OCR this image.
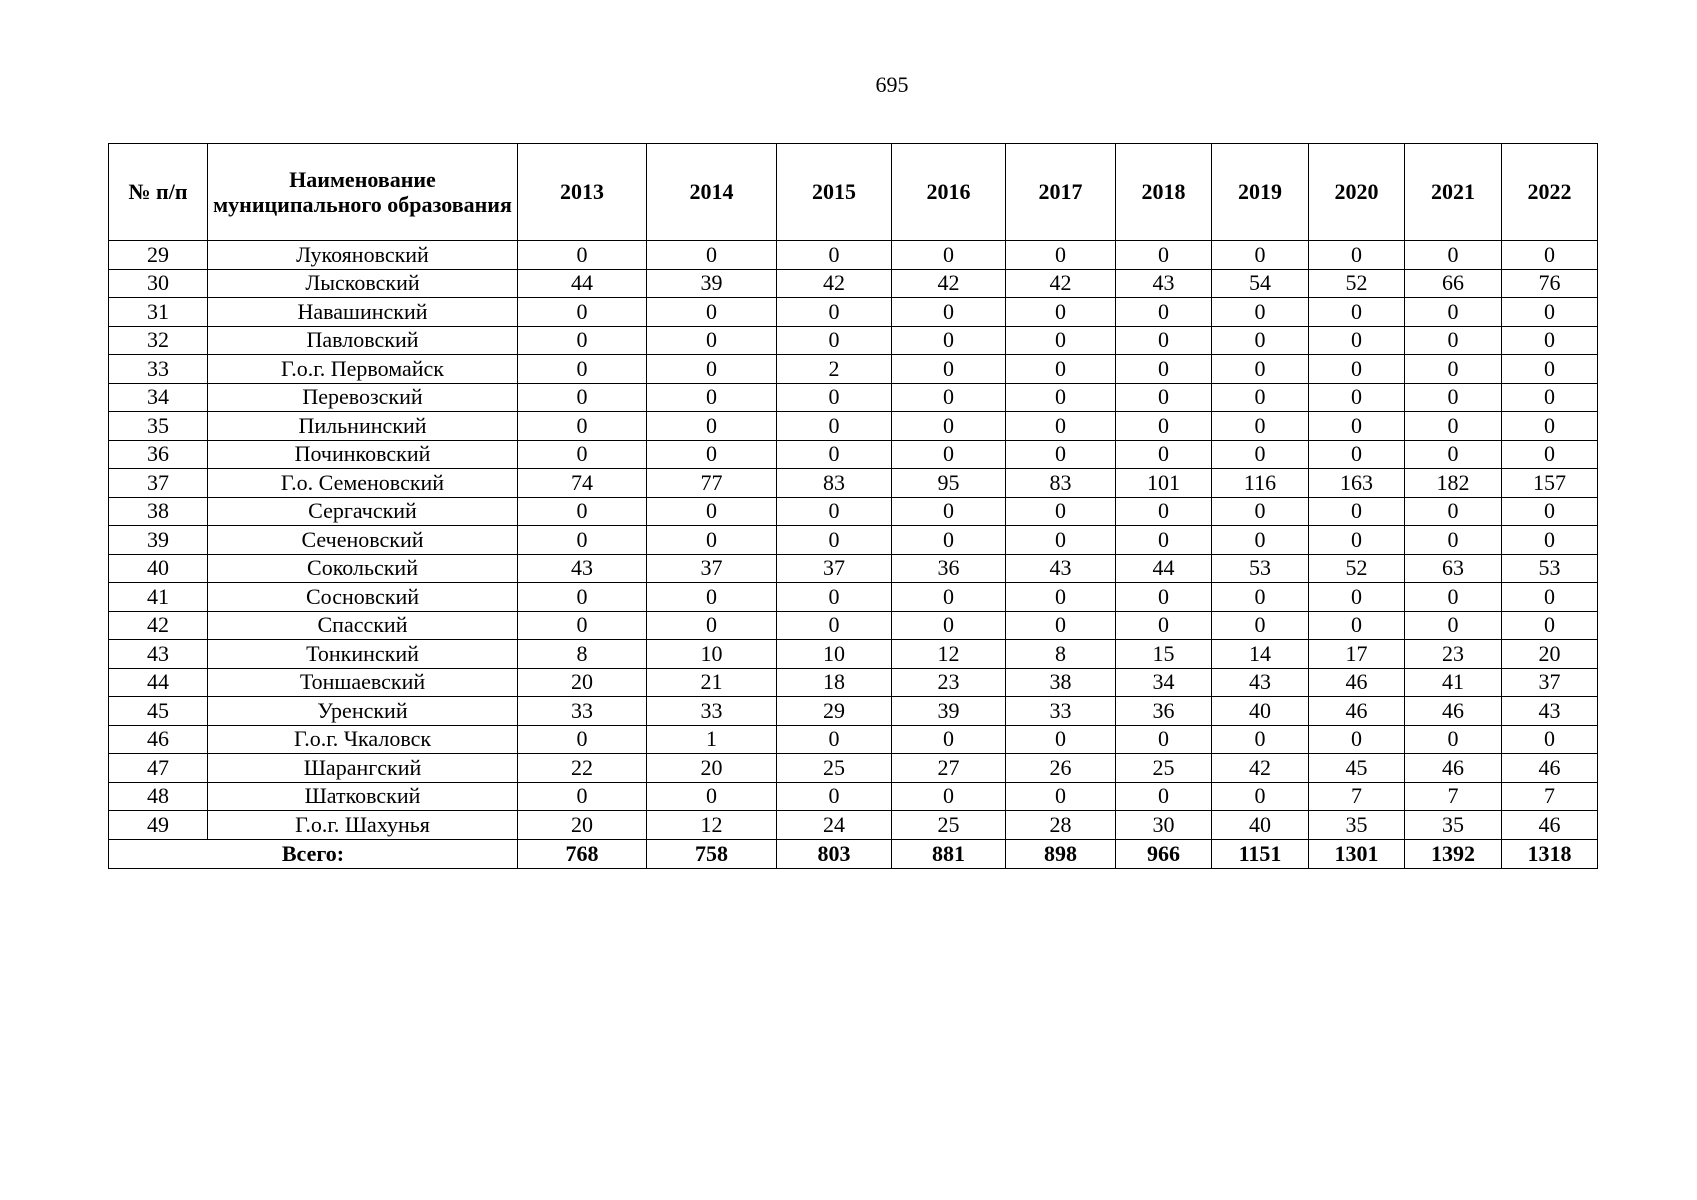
695
№ п/п	Наименование муниципального образования	2013	2014	2015	2016	2017	2018	2019	2020	2021	2022
29	Лукояновский	0	0	0	0	0	0	0	0	0	0
30	Лысковский	44	39	42	42	42	43	54	52	66	76
31	Навашинский	0	0	0	0	0	0	0	0	0	0
32	Павловский	0	0	0	0	0	0	0	0	0	0
33	Г.о.г. Первомайск	0	0	2	0	0	0	0	0	0	0
34	Перевозский	0	0	0	0	0	0	0	0	0	0
35	Пильнинский	0	0	0	0	0	0	0	0	0	0
36	Починковский	0	0	0	0	0	0	0	0	0	0
37	Г.о. Семеновский	74	77	83	95	83	101	116	163	182	157
38	Сергачский	0	0	0	0	0	0	0	0	0	0
39	Сеченовский	0	0	0	0	0	0	0	0	0	0
40	Сокольский	43	37	37	36	43	44	53	52	63	53
41	Сосновский	0	0	0	0	0	0	0	0	0	0
42	Спасский	0	0	0	0	0	0	0	0	0	0
43	Тонкинский	8	10	10	12	8	15	14	17	23	20
44	Тоншаевский	20	21	18	23	38	34	43	46	41	37
45	Уренский	33	33	29	39	33	36	40	46	46	43
46	Г.о.г. Чкаловск	0	1	0	0	0	0	0	0	0	0
47	Шарангский	22	20	25	27	26	25	42	45	46	46
48	Шатковский	0	0	0	0	0	0	0	7	7	7
49	Г.о.г. Шахунья	20	12	24	25	28	30	40	35	35	46
Всего:		768	758	803	881	898	966	1151	1301	1392	1318
